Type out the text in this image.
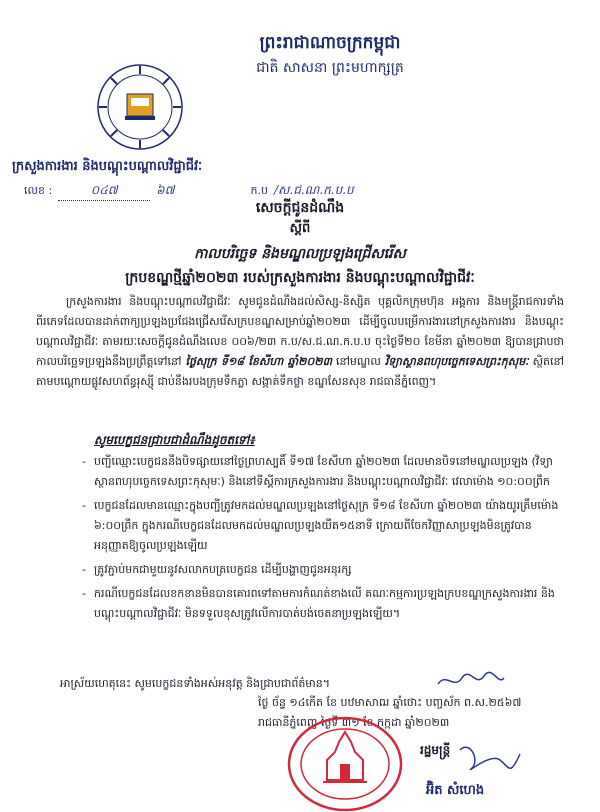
ព្រះរាជាណាចក្រកម្ពុជា
ជាតិ សាសនា ព្រះមហាក្សត្រ
ក្រសួងការងារ និងបណ្ដុះបណ្ដាលវិជ្ជាជីវៈ
លេខ :	០៤៧	៦៧	ក.ប /ស.ជ.ណ.ក.ប.ប
សេចក្ដីជូនដំណឹង
ស្ដីពី
កាលបរិច្ឆេទ និងមណ្ឌលប្រឡងជ្រើសរើស
ក្របខណ្ឌថ្មីឆ្នាំ២០២៣ របស់ក្រសួងការងារ និងបណ្ដុះបណ្ដាលវិជ្ជាជីវៈ

ក្រសួងការងារ និងបណ្ដុះបណ្ដាលវិជ្ជាជីវៈ សូមជូនដំណឹងដល់សិស្ស-និស្សិត បុគ្គលិកក្រុមហ៊ុន អង្គការ និងមន្ត្រីរាជការទាំងពីរភេទដែលបានដាក់ពាក្យប្រឡងប្រជែងជ្រើសរើសក្របខណ្ឌសម្រាប់ឆ្នាំ២០២៣ ដើម្បីចូលបម្រើការងារនៅក្រសួងការងារ និងបណ្ដុះបណ្ដាលវិជ្ជាជីវៈ តាមរយៈសេចក្ដីជូនដំណឹងលេខ ០០៦/២៣ ក.ប/ស.ជ.ណ.ក.ប.ប ចុះថ្ងៃទី២០ ខែមីនា ឆ្នាំ២០២៣ ឱ្យបានជ្រាបថា កាលបរិច្ឆេទប្រឡងនឹងប្រព្រឹត្តទៅនៅ ថ្ងៃសុក្រ ទី១៨ ខែសីហា ឆ្នាំ២០២៣ នៅមណ្ឌល វិទ្យាស្ថានពហុបច្ចេកទេសព្រះកុសុមៈ ស្ថិតនៅតាមបណ្ដោយផ្លូវសហព័ន្ធរុស្ស៊ី ជាប់នឹងរបងក្រុមទឹកភ្លា សង្កាត់ទឹកថ្លា ខណ្ឌសែនសុខ រាជធានីភ្នំពេញ។

សូមបេក្ខជនជ្រាបជាដំណឹងដូចតទៅ៖
- បញ្ជីឈ្មោះបេក្ខជននឹងបិទផ្សាយនៅថ្ងៃព្រហស្បតិ៍ ទី១៧ ខែសីហា ឆ្នាំ២០២៣ ដែលមានបិទនៅមណ្ឌលប្រឡង (វិទ្យាស្ថានពហុបច្ចេកទេសព្រះកុសុមៈ) និងនៅទីស្ដីការក្រសួងការងារ និងបណ្ដុះបណ្ដាលវិជ្ជាជីវៈ វេលាម៉ោង ១០:០០ព្រឹក
- បេក្ខជនដែលមានឈ្មោះក្នុងបញ្ជីត្រូវមកដល់មណ្ឌលប្រឡងនៅថ្ងៃសុក្រ ទី១៨ ខែសីហា ឆ្នាំ២០២៣ យ៉ាងយូរត្រឹមម៉ោង ៦:០០ព្រឹក ក្នុងករណីបេក្ខជនដែលមកដល់មណ្ឌលប្រឡងយឺត១៥នាទី ក្រោយពីចែកវិញ្ញាសាប្រឡងមិនត្រូវបានអនុញ្ញាតឱ្យចូលប្រឡងឡើយ
- ត្រូវភ្ជាប់មកជាមួយនូវសលាកបត្របេក្ខជន ដើម្បីបង្ហាញជូនអនុរក្ស
- ករណីបេក្ខជនដែលខកខានមិនបានគោរពទៅតាមការកំណត់ខាងលើ គណៈកម្មការប្រឡងក្របខណ្ឌក្រសួងការងារ និងបណ្ដុះបណ្ដាលវិជ្ជាជីវៈ មិនទទួលខុសត្រូវលើការបាត់បង់ចេតនាប្រឡងឡើយ។
អាស្រ័យហេតុនេះ សូមបេក្ខជនទាំងអស់អនុវត្ត និងជ្រាបជាព័ត៌មាន។
ថ្ងៃ ច័ន្ទ ១៤កើត ខែ បឋមាសាឍ ឆ្នាំថោះ បញ្ចស័ក ព.ស.២៥៦៧
រាជធានីភ្នំពេញ ថ្ងៃទី ៣១ ខែ កក្កដា ឆ្នាំ២០២៣
រដ្ឋមន្ត្រី
អ៊ិត សំហេង
